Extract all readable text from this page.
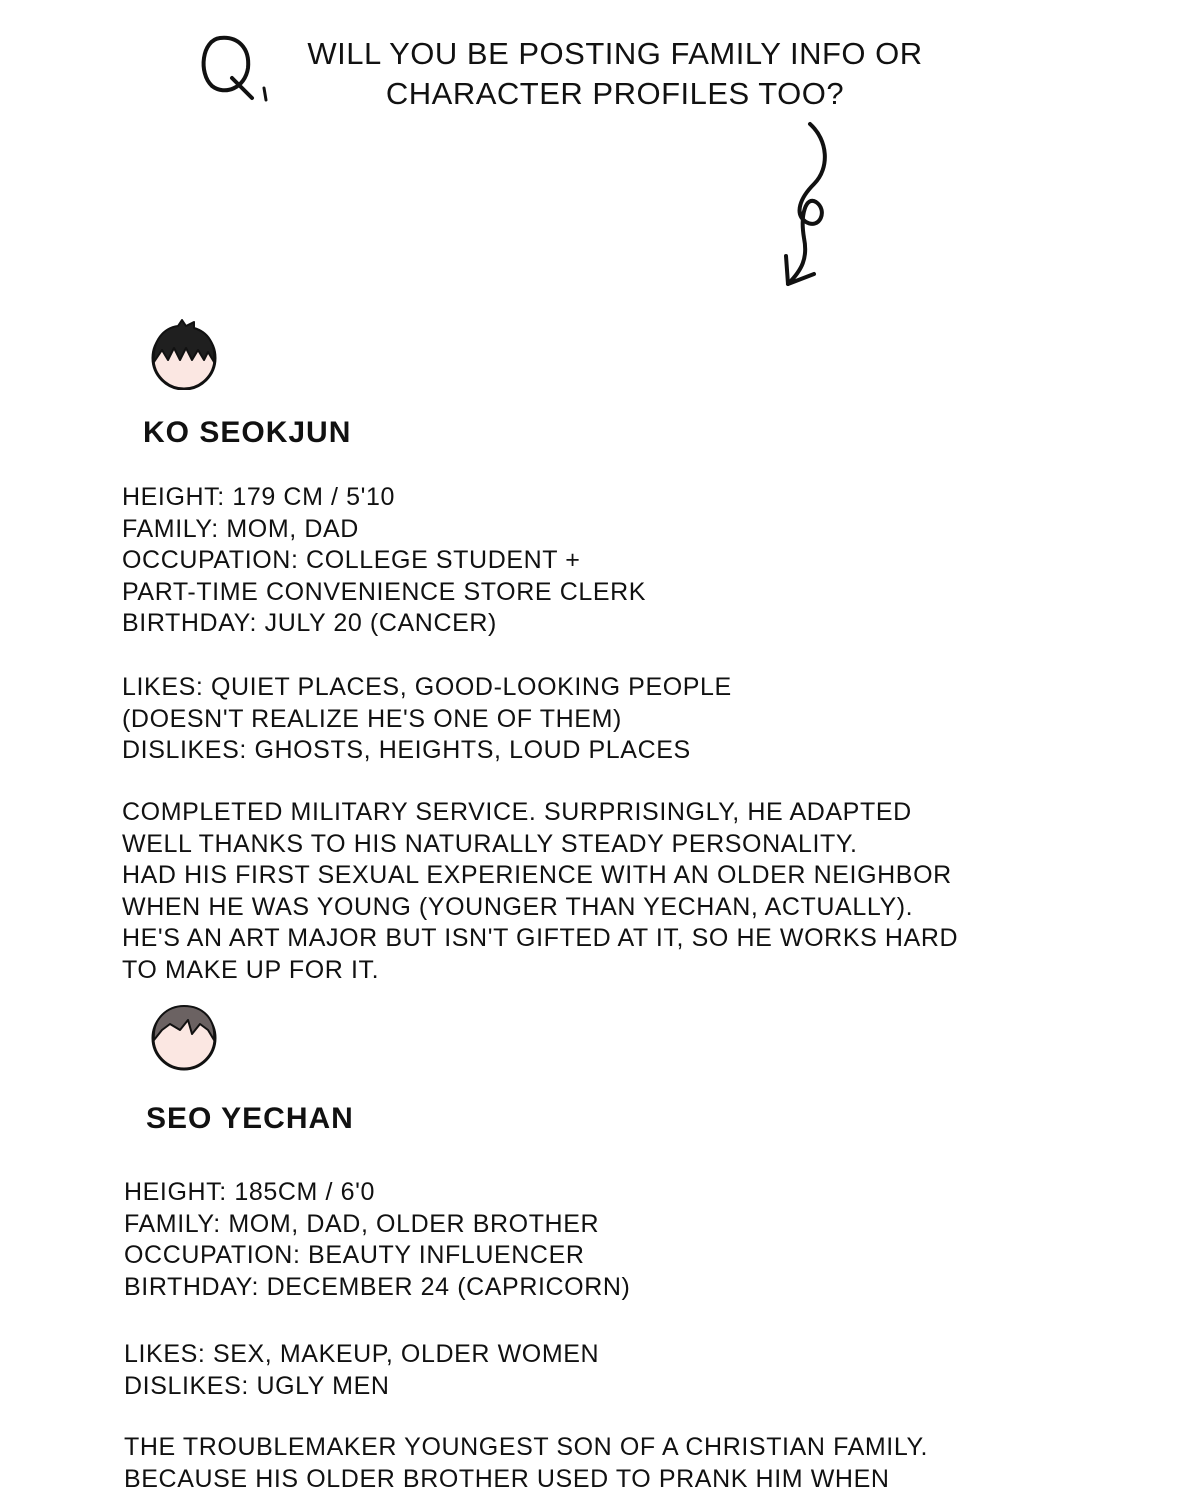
WILL YOU BE POSTING FAMILY INFO OR
CHARACTER PROFILES TOO?
KO SEOKJUN
HEIGHT: 179 CM / 5'10
FAMILY: MOM, DAD
OCCUPATION: COLLEGE STUDENT +
PART-TIME CONVENIENCE STORE CLERK
BIRTHDAY: JULY 20 (CANCER)
LIKES: QUIET PLACES, GOOD-LOOKING PEOPLE
(DOESN'T REALIZE HE'S ONE OF THEM)
DISLIKES: GHOSTS, HEIGHTS, LOUD PLACES
COMPLETED MILITARY SERVICE. SURPRISINGLY, HE ADAPTED
WELL THANKS TO HIS NATURALLY STEADY PERSONALITY.
HAD HIS FIRST SEXUAL EXPERIENCE WITH AN OLDER NEIGHBOR
WHEN HE WAS YOUNG (YOUNGER THAN YECHAN, ACTUALLY).
HE'S AN ART MAJOR BUT ISN'T GIFTED AT IT, SO HE WORKS HARD
TO MAKE UP FOR IT.
SEO YECHAN
HEIGHT: 185CM / 6'0
FAMILY: MOM, DAD, OLDER BROTHER
OCCUPATION: BEAUTY INFLUENCER
BIRTHDAY: DECEMBER 24 (CAPRICORN)
LIKES: SEX, MAKEUP, OLDER WOMEN
DISLIKES: UGLY MEN
THE TROUBLEMAKER YOUNGEST SON OF A CHRISTIAN FAMILY.
BECAUSE HIS OLDER BROTHER USED TO PRANK HIM WHEN
